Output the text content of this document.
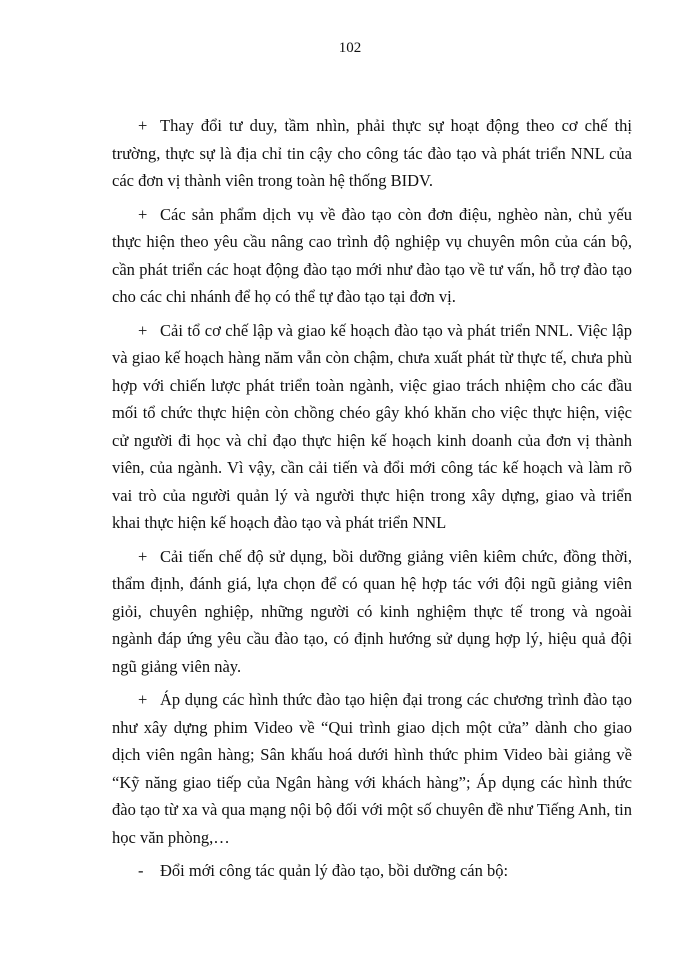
102

+ Thay đổi tư duy, tầm nhìn, phải thực sự hoạt động theo cơ chế thị trường, thực sự là địa chỉ tin cậy cho công tác đào tạo và phát triển NNL của các đơn vị thành viên trong toàn hệ thống BIDV.

+ Các sản phẩm dịch vụ về đào tạo còn đơn điệu, nghèo nàn, chủ yếu thực hiện theo yêu cầu nâng cao trình độ nghiệp vụ chuyên môn của cán bộ, cần phát triển các hoạt động đào tạo mới như đào tạo về tư vấn, hỗ trợ đào tạo cho các chi nhánh để họ có thể tự đào tạo tại đơn vị.

+ Cải tổ cơ chế lập và giao kế hoạch đào tạo và phát triển NNL. Việc lập và giao kế hoạch hàng năm vẫn còn chậm, chưa xuất phát từ thực tế, chưa phù hợp với chiến lược phát triển toàn ngành, việc giao trách nhiệm cho các đầu mối tổ chức thực hiện còn chồng chéo gây khó khăn cho việc thực hiện, việc cử người đi học và chỉ đạo thực hiện kế hoạch kinh doanh của đơn vị thành viên, của ngành. Vì vậy, cần cải tiến và đổi mới công tác kế hoạch và làm rõ vai trò của người quản lý và người thực hiện trong xây dựng, giao và triển khai thực hiện kế hoạch đào tạo và phát triển NNL

+ Cải tiến chế độ sử dụng, bồi dưỡng giảng viên kiêm chức, đồng thời, thẩm định, đánh giá, lựa chọn để có quan hệ hợp tác với đội ngũ giảng viên giỏi, chuyên nghiệp, những người có kinh nghiệm thực tế trong và ngoài ngành đáp ứng yêu cầu đào tạo, có định hướng sử dụng hợp lý, hiệu quả đội ngũ giảng viên này.

+ Áp dụng các hình thức đào tạo hiện đại trong các chương trình đào tạo như xây dựng phim Video về “Qui trình giao dịch một cửa” dành cho giao dịch viên ngân hàng; Sân khấu hoá dưới hình thức phim Video bài giảng về “Kỹ năng giao tiếp của Ngân hàng với khách hàng”; Áp dụng các hình thức đào tạo từ xa và qua mạng nội bộ đối với một số chuyên đề như Tiếng Anh, tin học văn phòng,…

- Đổi mới công tác quản lý đào tạo, bồi dưỡng cán bộ:
